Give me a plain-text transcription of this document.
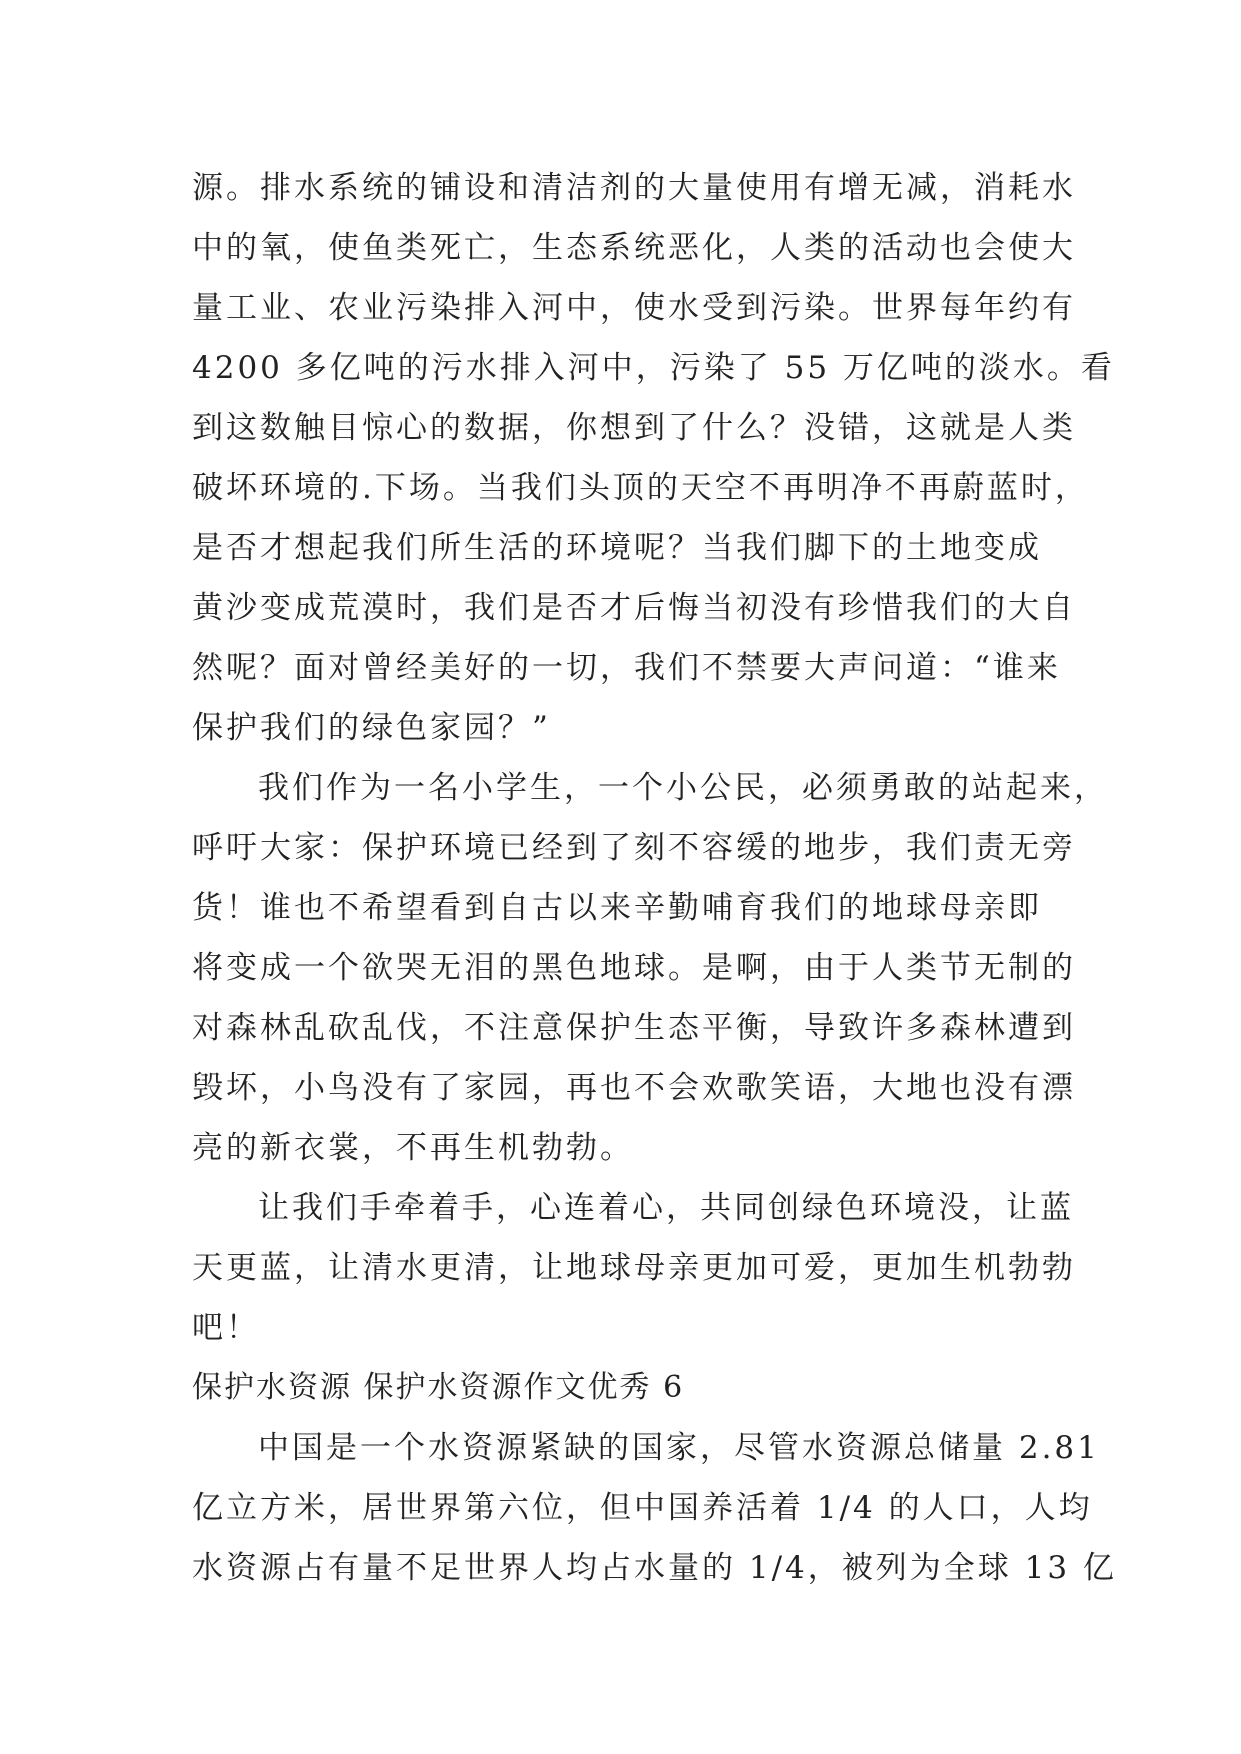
源。排水系统的铺设和清洁剂的大量使用有增无减，消耗水
中的氧，使鱼类死亡，生态系统恶化，人类的活动也会使大
量工业、农业污染排入河中，使水受到污染。世界每年约有
4200 多亿吨的污水排入河中，污染了 55 万亿吨的淡水。看
到这数触目惊心的数据，你想到了什么？没错，这就是人类
破坏环境的.下场。当我们头顶的天空不再明净不再蔚蓝时，
是否才想起我们所生活的环境呢？当我们脚下的土地变成
黄沙变成荒漠时，我们是否才后悔当初没有珍惜我们的大自
然呢？面对曾经美好的一切，我们不禁要大声问道：“谁来
保护我们的绿色家园？”
我们作为一名小学生，一个小公民，必须勇敢的站起来，
呼吁大家：保护环境已经到了刻不容缓的地步，我们责无旁
货！谁也不希望看到自古以来辛勤哺育我们的地球母亲即
将变成一个欲哭无泪的黑色地球。是啊，由于人类节无制的
对森林乱砍乱伐，不注意保护生态平衡，导致许多森林遭到
毁坏，小鸟没有了家园，再也不会欢歌笑语，大地也没有漂
亮的新衣裳，不再生机勃勃。
让我们手牵着手，心连着心，共同创绿色环境没，让蓝
天更蓝，让清水更清，让地球母亲更加可爱，更加生机勃勃
吧！
保护水资源 保护水资源作文优秀 6
中国是一个水资源紧缺的国家，尽管水资源总储量 2.81
亿立方米，居世界第六位，但中国养活着 1/4 的人口，人均
水资源占有量不足世界人均占水量的 1/4，被列为全球 13 亿
